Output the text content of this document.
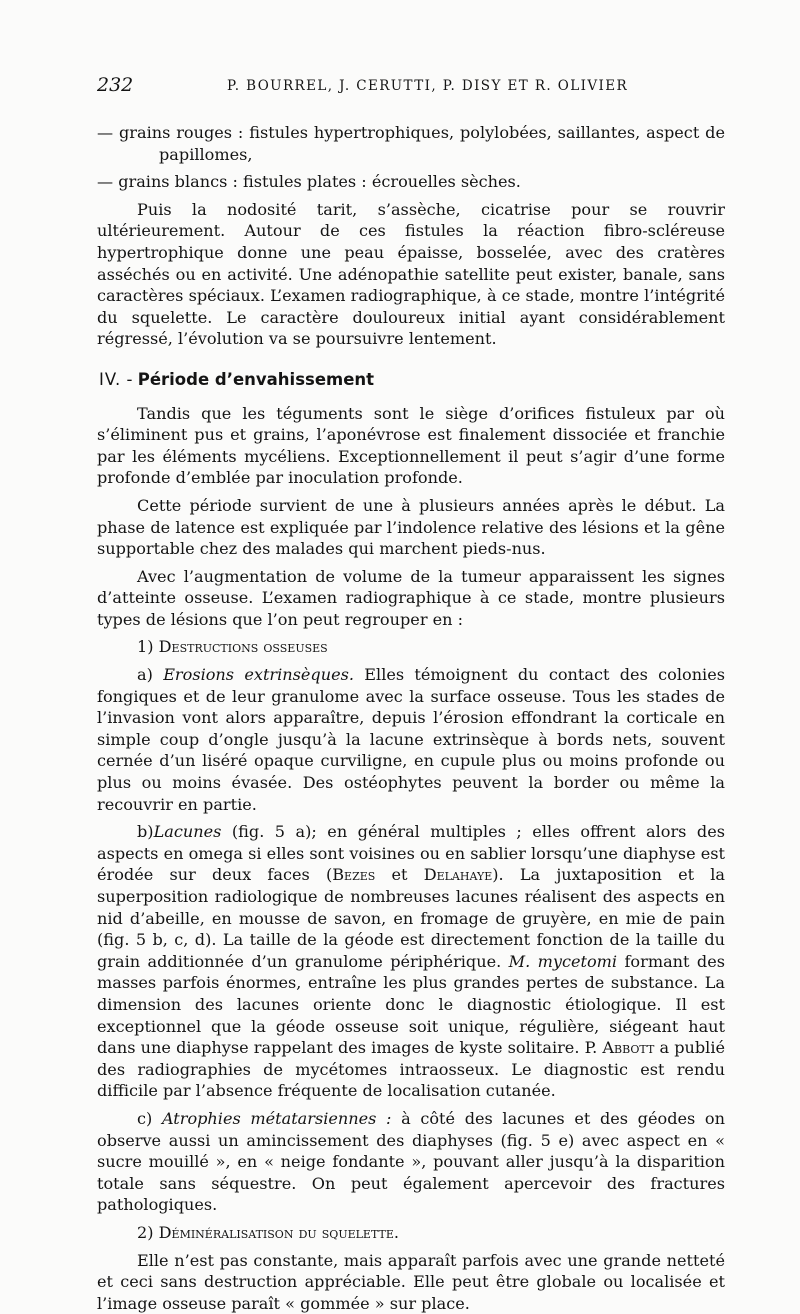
232	P. BOURREL, J. CERUTTI, P. DISY ET R. OLIVIER

— grains rouges : fistules hypertrophiques, polylobées, saillantes, aspect de papillomes,

— grains blancs : fistules plates : écrouelles sèches.

Puis la nodosité tarit, s’assèche, cicatrise pour se rouvrir ultérieurement. Autour de ces fistules la réaction fibro-scléreuse hypertrophique donne une peau épaisse, bosselée, avec des cratères asséchés ou en activité. Une adénopathie satellite peut exister, banale, sans caractères spéciaux. L’examen radiographique, à ce stade, montre l’intégrité du squelette. Le caractère douloureux initial ayant considérablement régressé, l’évolution va se poursuivre lentement.

IV. - Période d’envahissement

Tandis que les téguments sont le siège d’orifices fistuleux par où s’éliminent pus et grains, l’aponévrose est finalement dissociée et franchie par les éléments mycéliens. Exceptionnellement il peut s’agir d’une forme profonde d’emblée par inoculation profonde.

Cette période survient de une à plusieurs années après le début. La phase de latence est expliquée par l’indolence relative des lésions et la gêne supportable chez des malades qui marchent pieds-nus.

Avec l’augmentation de volume de la tumeur apparaissent les signes d’atteinte osseuse. L’examen radiographique à ce stade, montre plusieurs types de lésions que l’on peut regrouper en :

1) Destructions osseuses

a) Erosions extrinsèques. Elles témoignent du contact des colonies fongiques et de leur granulome avec la surface osseuse. Tous les stades de l’invasion vont alors apparaître, depuis l’érosion effondrant la corticale en simple coup d’ongle jusqu’à la lacune extrinsèque à bords nets, souvent cernée d’un liséré opaque curviligne, en cupule plus ou moins profonde ou plus ou moins évasée. Des ostéophytes peuvent la border ou même la recouvrir en partie.

b)Lacunes (fig. 5 a); en général multiples ; elles offrent alors des aspects en omega si elles sont voisines ou en sablier lorsqu’une diaphyse est érodée sur deux faces (Bezes et Delahaye). La juxtaposition et la superposition radiologique de nombreuses lacunes réalisent des aspects en nid d’abeille, en mousse de savon, en fromage de gruyère, en mie de pain (fig. 5 b, c, d). La taille de la géode est directement fonction de la taille du grain additionnée d’un granulome périphérique. M. mycetomi formant des masses parfois énormes, entraîne les plus grandes pertes de substance. La dimension des lacunes oriente donc le diagnostic étiologique. Il est exceptionnel que la géode osseuse soit unique, régulière, siégeant haut dans une diaphyse rappelant des images de kyste solitaire. P. Abbott a publié des radiographies de mycétomes intraosseux. Le diagnostic est rendu difficile par l’absence fréquente de localisation cutanée.

c) Atrophies métatarsiennes : à côté des lacunes et des géodes on observe aussi un amincissement des diaphyses (fig. 5 e) avec aspect en « sucre mouillé », en « neige fondante », pouvant aller jusqu’à la disparition totale sans séquestre. On peut également apercevoir des fractures pathologiques.

2) Déminéralisatison du squelette.

Elle n’est pas constante, mais apparaît parfois avec une grande netteté et ceci sans destruction appréciable. Elle peut être globale ou localisée et l’image osseuse paraît « gommée » sur place.
